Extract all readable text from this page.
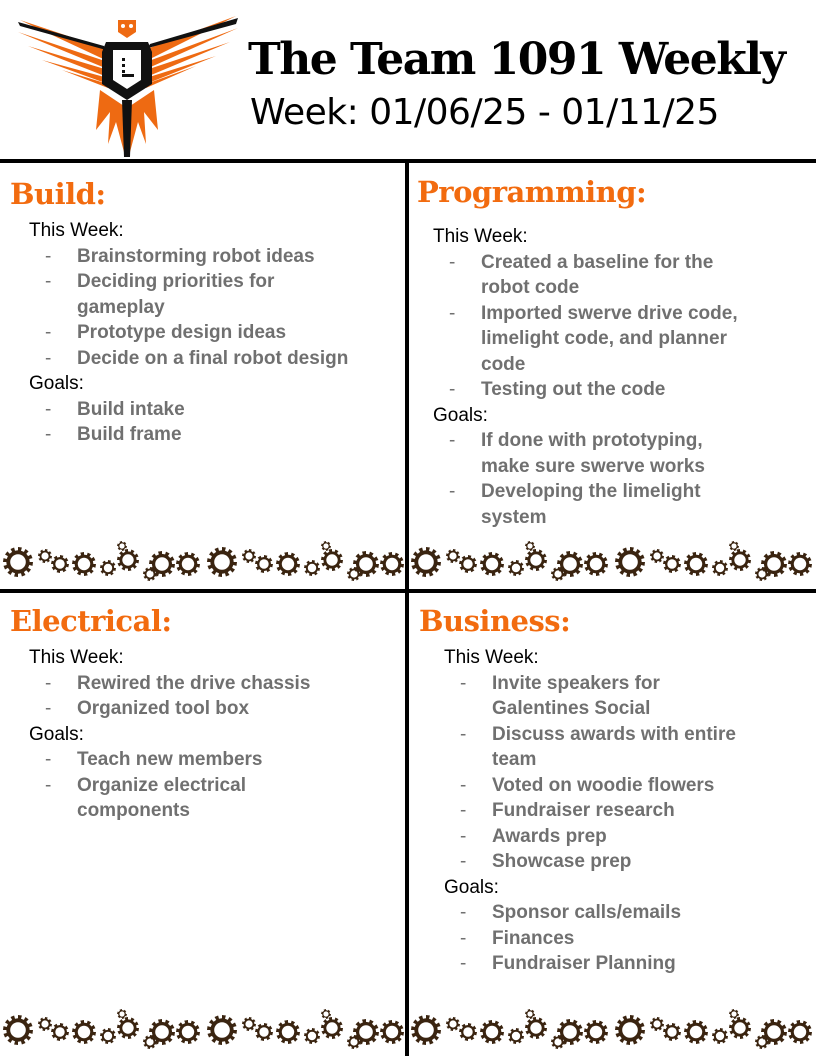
The Team 1091 Weekly
Week: 01/06/25 - 01/11/25
Build:

This Week:

- Brainstorming robot ideas
- Deciding priorities for gameplay
- Prototype design ideas
- Decide on a final robot design

Goals:

- Build intake
- Build frame
Programming:

This Week:

- Created a baseline for the robot code
- Imported swerve drive code, limelight code, and planner code
- Testing out the code

Goals:

- If done with prototyping, make sure swerve works
- Developing the limelight system
Electrical:

This Week:

- Rewired the drive chassis
- Organized tool box

Goals:

- Teach new members
- Organize electrical components
Business:

This Week:

- Invite speakers for Galentines Social
- Discuss awards with entire team
- Voted on woodie flowers
- Fundraiser research
- Awards prep
- Showcase prep

Goals:

- Sponsor calls/emails
- Finances
- Fundraiser Planning
